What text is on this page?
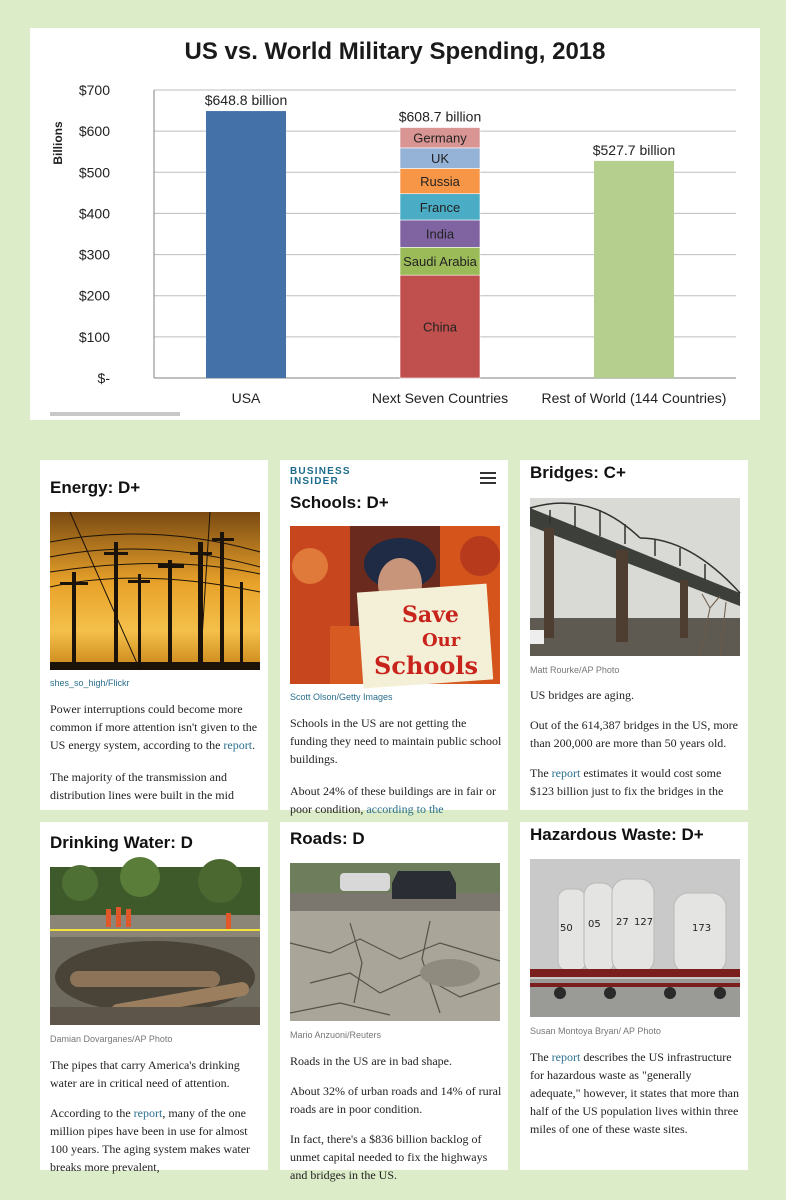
$-
$100
$200
$300
$400
$500
$600
$700
$648.8 billion
USA
China
Saudi Arabia
India
France
Russia
UK
Germany
$608.7 billion
Next Seven Countries
$527.7 billion
Rest of World (144 Countries)
US vs. World Military Spending, 2018
Billions
Energy: D+
shes_so_high/Flickr

Power interruptions could become more common if more attention isn't given to the US energy system, according to the report.

The majority of the transmission and distribution lines were built in the mid

BUSINESS
INSIDER
Schools: D+
Save
Our
Schools
Scott Olson/Getty Images

Schools in the US are not getting the funding they need to maintain public school buildings.

About 24% of these buildings are in fair or poor condition, according to the

Bridges: C+
Matt Rourke/AP Photo

US bridges are aging.

Out of the 614,387 bridges in the US, more than 200,000 are more than 50 years old.

The report estimates it would cost some $123 billion just to fix the bridges in the

Drinking Water: D
Damian Dovarganes/AP Photo

The pipes that carry America's drinking water are in critical need of attention.

According to the report, many of the one million pipes have been in use for almost 100 years. The aging system makes water breaks more prevalent,

Roads: D
Mario Anzuoni/Reuters

Roads in the US are in bad shape.

About 32% of urban roads and 14% of rural roads are in poor condition.

In fact, there's a $836 billion backlog of unmet capital needed to fix the highways and bridges in the US.

Hazardous Waste: D+
50 05 27 127
173
Susan Montoya Bryan/ AP Photo

The report describes the US infrastructure for hazardous waste as "generally adequate," however, it states that more than half of the US population lives within three miles of one of these waste sites.
